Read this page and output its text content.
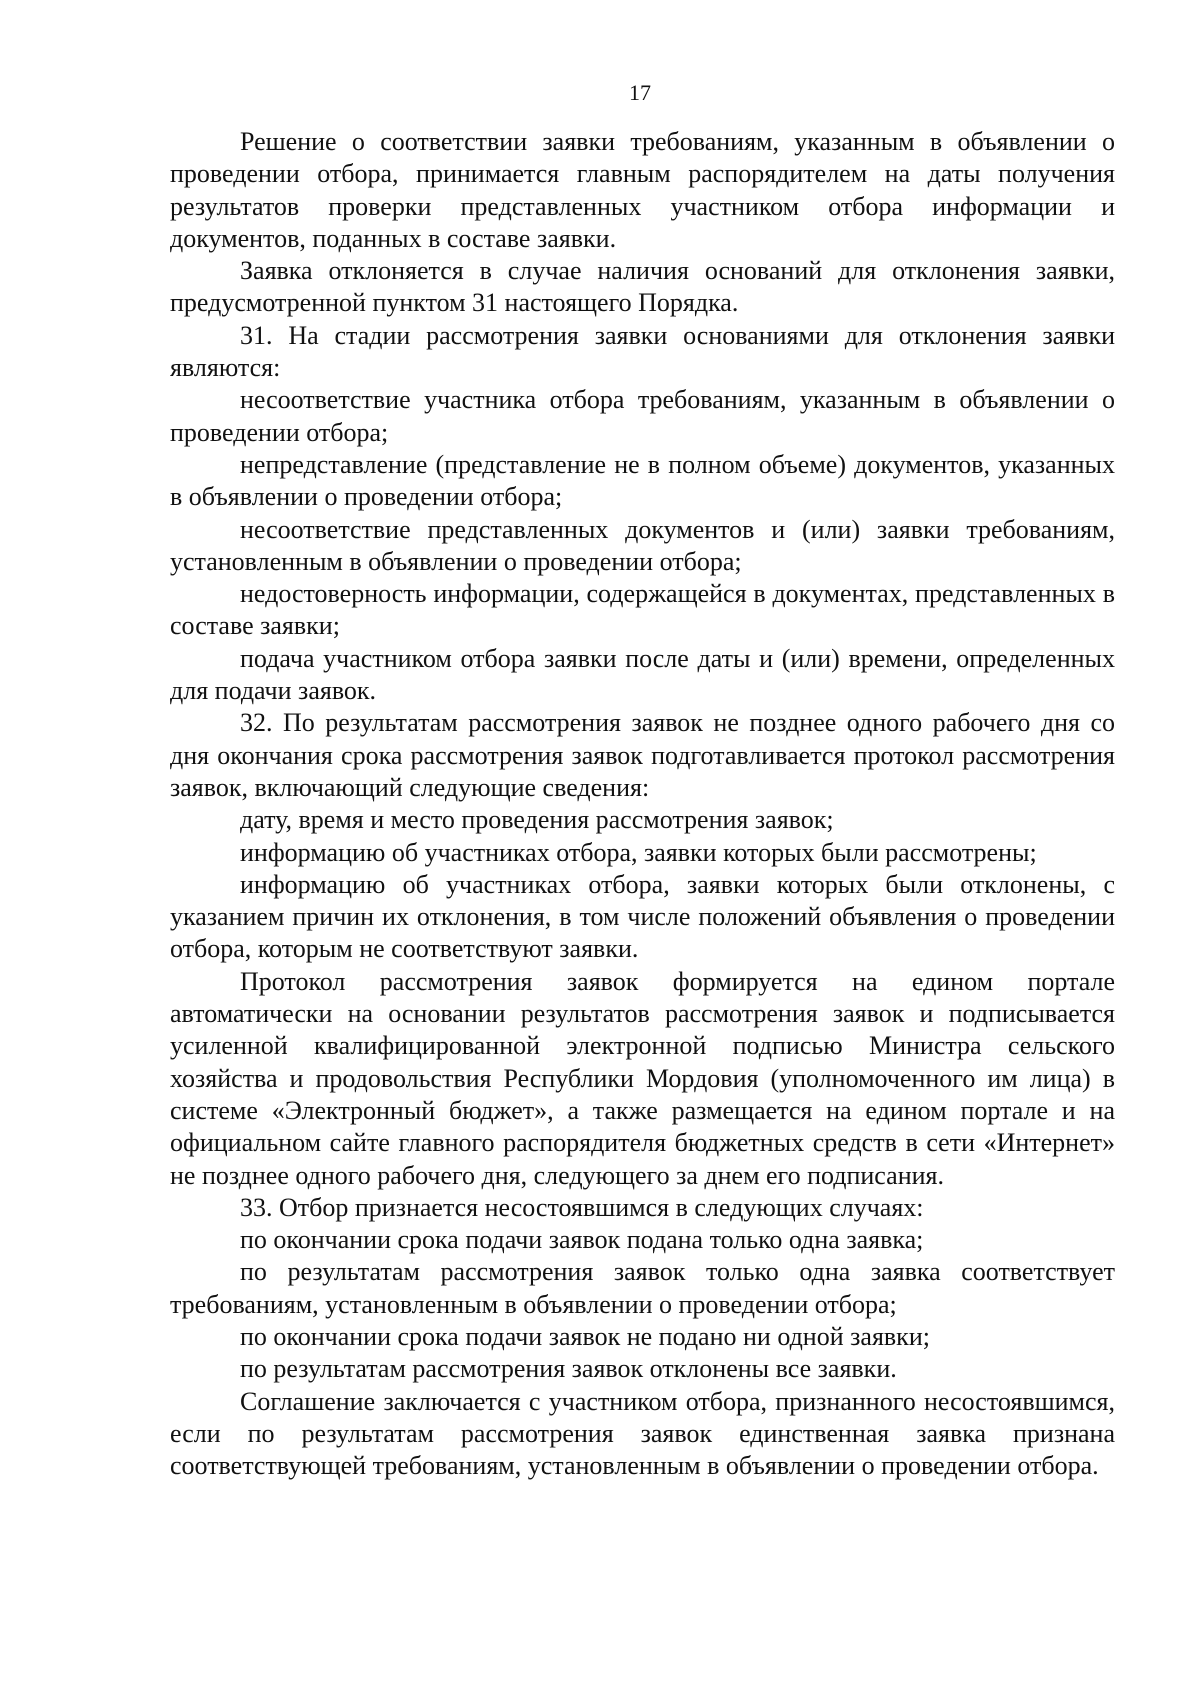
17

Решение о соответствии заявки требованиям, указанным в объявлении о проведении отбора, принимается главным распорядителем на даты получения результатов проверки представленных участником отбора информации и документов, поданных в составе заявки.

Заявка отклоняется в случае наличия оснований для отклонения заявки, предусмотренной пунктом 31 настоящего Порядка.

31. На стадии рассмотрения заявки основаниями для отклонения заявки являются:

несоответствие участника отбора требованиям, указанным в объявлении о проведении отбора;

непредставление (представление не в полном объеме) документов, указанных в объявлении о проведении отбора;

несоответствие представленных документов и (или) заявки требованиям, установленным в объявлении о проведении отбора;

недостоверность информации, содержащейся в документах, представленных в составе заявки;

подача участником отбора заявки после даты и (или) времени, определенных для подачи заявок.

32. По результатам рассмотрения заявок не позднее одного рабочего дня со дня окончания срока рассмотрения заявок подготавливается протокол рассмотрения заявок, включающий следующие сведения:

дату, время и место проведения рассмотрения заявок;

информацию об участниках отбора, заявки которых были рассмотрены;

информацию об участниках отбора, заявки которых были отклонены, с указанием причин их отклонения, в том числе положений объявления о проведении отбора, которым не соответствуют заявки.

Протокол рассмотрения заявок формируется на едином портале автоматически на основании результатов рассмотрения заявок и подписывается усиленной квалифицированной электронной подписью Министра сельского хозяйства и продовольствия Республики Мордовия (уполномоченного им лица) в системе «Электронный бюджет», а также размещается на едином портале и на официальном сайте главного распорядителя бюджетных средств в сети «Интернет» не позднее одного рабочего дня, следующего за днем его подписания.

33. Отбор признается несостоявшимся в следующих случаях:

по окончании срока подачи заявок подана только одна заявка;

по результатам рассмотрения заявок только одна заявка соответствует требованиям, установленным в объявлении о проведении отбора;

по окончании срока подачи заявок не подано ни одной заявки;

по результатам рассмотрения заявок отклонены все заявки.

Соглашение заключается с участником отбора, признанного несостоявшимся, если по результатам рассмотрения заявок единственная заявка признана соответствующей требованиям, установленным в объявлении о проведении отбора.
